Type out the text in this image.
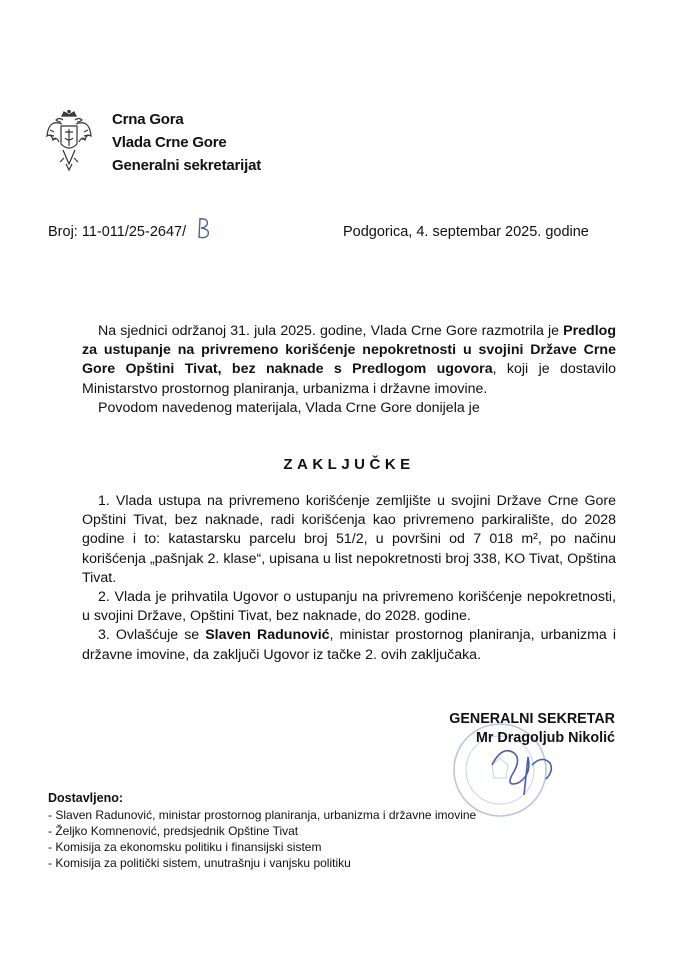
Crna Gora
Vlada Crne Gore
Generalni sekretarijat
Broj: 11-011/25-2647/	Podgorica, 4. septembar 2025. godine

Na sjednici održanoj 31. jula 2025. godine, Vlada Crne Gore razmotrila je Predlog za ustupanje na privremeno korišćenje nepokretnosti u svojini Države Crne Gore Opštini Tivat, bez naknade s Predlogom ugovora, koji je dostavilo Ministarstvo prostornog planiranja, urbanizma i državne imovine.

Povodom navedenog materijala, Vlada Crne Gore donijela je

ZAKLJUČKE

1. Vlada ustupa na privremeno korišćenje zemljište u svojini Države Crne Gore Opštini Tivat, bez naknade, radi korišćenja kao privremeno parkiralište, do 2028 godine i to: katastarsku parcelu broj 51/2, u površini od 7 018 m², po načinu korišćenja „pašnjak 2. klase“, upisana u list nepokretnosti broj 338, KO Tivat, Opština Tivat.

2. Vlada je prihvatila Ugovor o ustupanju na privremeno korišćenje nepokretnosti, u svojini Države, Opštini Tivat, bez naknade, do 2028. godine.

3. Ovlašćuje se Slaven Radunović, ministar prostornog planiranja, urbanizma i državne imovine, da zaključi Ugovor iz tačke 2. ovih zaključaka.

GENERALNI SEKRETAR
Mr Dragoljub Nikolić
Dostavljeno:
- Slaven Radunović, ministar prostornog planiranja, urbanizma i državne imovine
- Željko Komnenović, predsjednik Opštine Tivat
- Komisija za ekonomsku politiku i finansijski sistem
- Komisija za politički sistem, unutrašnju i vanjsku politiku
